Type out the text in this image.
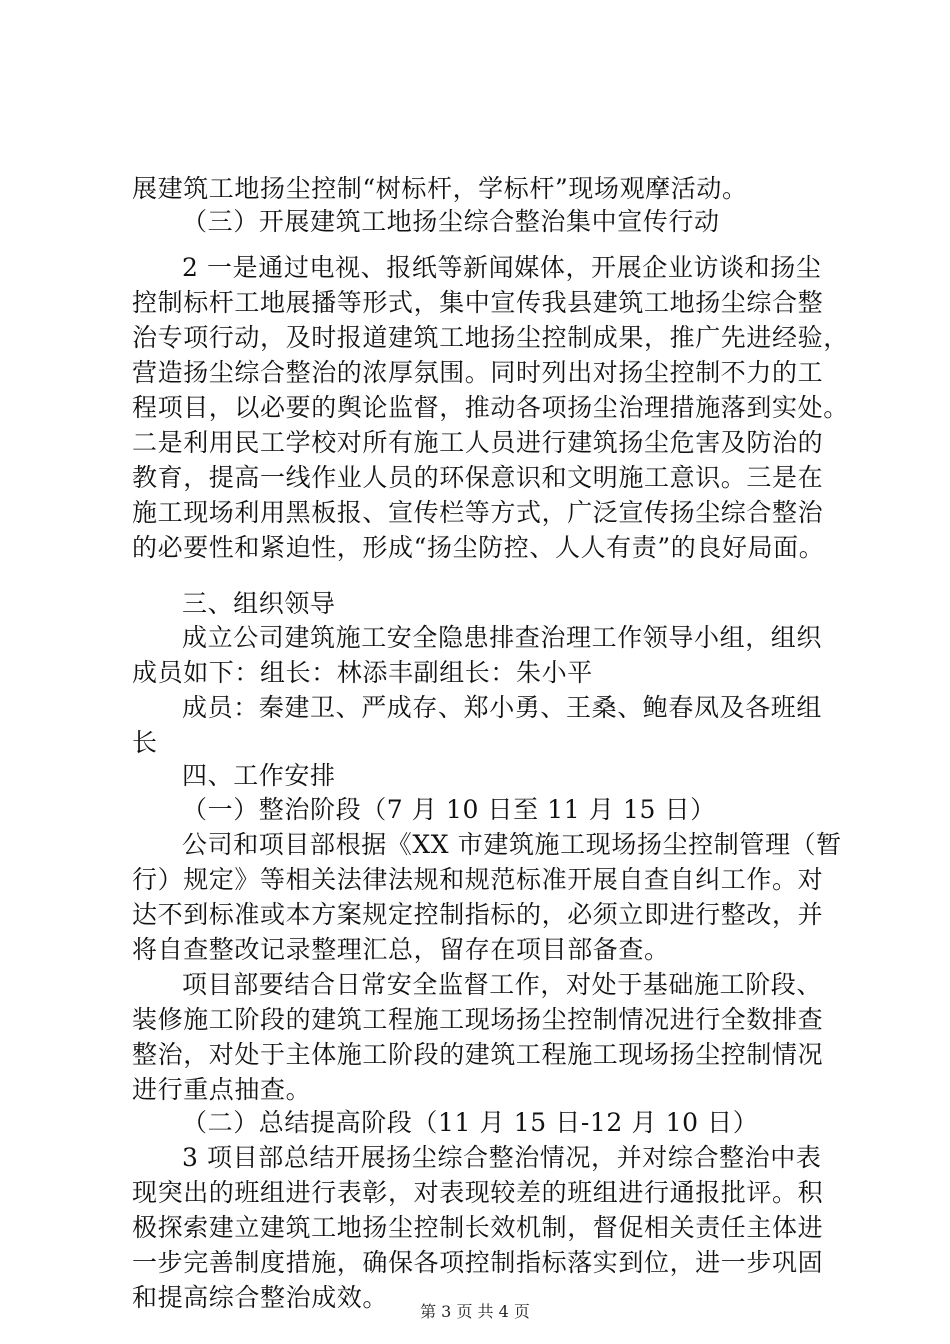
展建筑工地扬尘控制“树标杆，学标杆”现场观摩活动。
（三）开展建筑工地扬尘综合整治集中宣传行动
2 一是通过电视、报纸等新闻媒体，开展企业访谈和扬尘
控制标杆工地展播等形式，集中宣传我县建筑工地扬尘综合整
治专项行动，及时报道建筑工地扬尘控制成果，推广先进经验，
营造扬尘综合整治的浓厚氛围。同时列出对扬尘控制不力的工
程项目，以必要的舆论监督，推动各项扬尘治理措施落到实处。
二是利用民工学校对所有施工人员进行建筑扬尘危害及防治的
教育，提高一线作业人员的环保意识和文明施工意识。三是在
施工现场利用黑板报、宣传栏等方式，广泛宣传扬尘综合整治
的必要性和紧迫性，形成“扬尘防控、人人有责”的良好局面。
三、组织领导
成立公司建筑施工安全隐患排查治理工作领导小组，组织
成员如下：组长：林添丰副组长：朱小平
成员：秦建卫、严成存、郑小勇、王桑、鲍春凤及各班组
长
四、工作安排
（一）整治阶段（7 月 10 日至 11 月 15 日）
公司和项目部根据《XX 市建筑施工现场扬尘控制管理（暂
行）规定》等相关法律法规和规范标准开展自查自纠工作。对
达不到标准或本方案规定控制指标的，必须立即进行整改，并
将自查整改记录整理汇总，留存在项目部备查。
项目部要结合日常安全监督工作，对处于基础施工阶段、
装修施工阶段的建筑工程施工现场扬尘控制情况进行全数排查
整治，对处于主体施工阶段的建筑工程施工现场扬尘控制情况
进行重点抽查。
（二）总结提高阶段（11 月 15 日-12 月 10 日）
3 项目部总结开展扬尘综合整治情况，并对综合整治中表
现突出的班组进行表彰，对表现较差的班组进行通报批评。积
极探索建立建筑工地扬尘控制长效机制，督促相关责任主体进
一步完善制度措施，确保各项控制指标落实到位，进一步巩固
和提高综合整治成效。	第 3 页 共 4 页
